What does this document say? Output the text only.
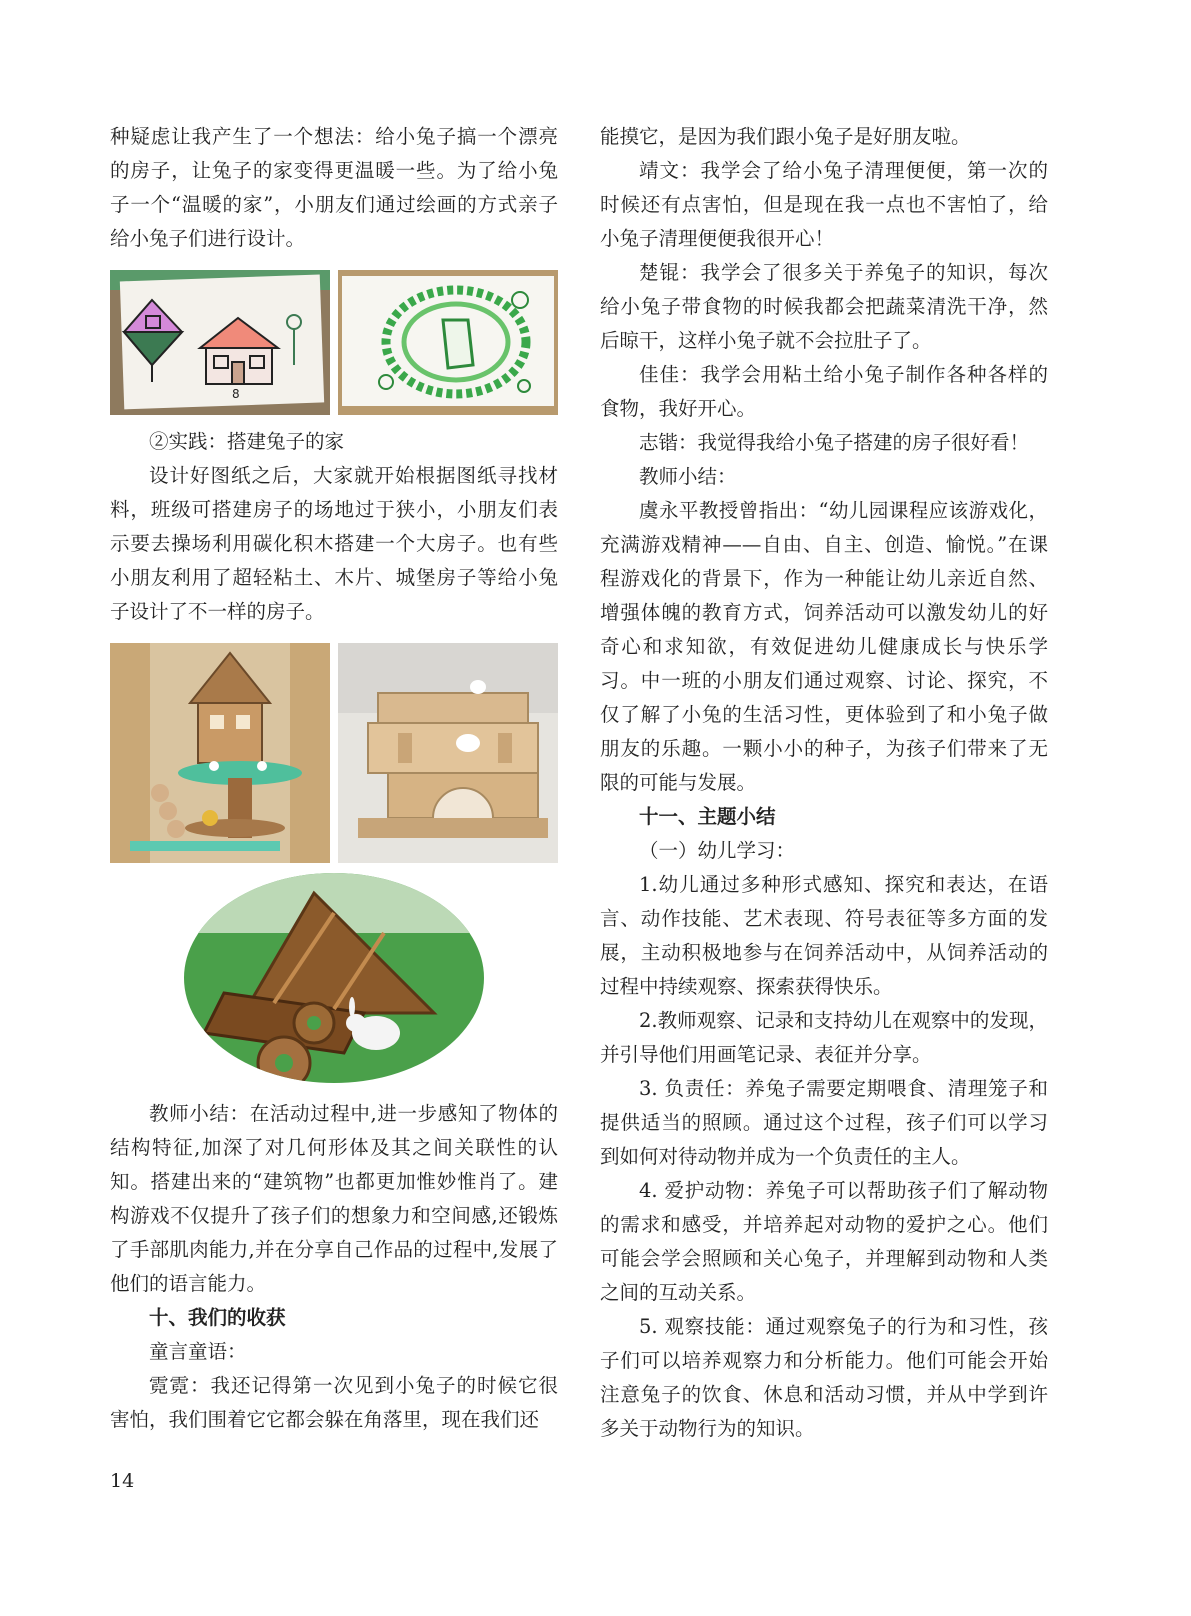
种疑虑让我产生了一个想法：给小兔子搞一个漂亮的房子，让兔子的家变得更温暖一些。为了给小兔子一个“温暖的家”，小朋友们通过绘画的方式亲子给小兔子们进行设计。

8

②实践：搭建兔子的家

设计好图纸之后，大家就开始根据图纸寻找材料，班级可搭建房子的场地过于狭小，小朋友们表示要去操场利用碳化积木搭建一个大房子。也有些小朋友利用了超轻粘土、木片、城堡房子等给小兔子设计了不一样的房子。

教师小结：在活动过程中,进一步感知了物体的结构特征,加深了对几何形体及其之间关联性的认知。搭建出来的“建筑物”也都更加惟妙惟肖了。建构游戏不仅提升了孩子们的想象力和空间感,还锻炼了手部肌肉能力,并在分享自己作品的过程中,发展了他们的语言能力。

十、我们的收获

童言童语：

霓霓：我还记得第一次见到小兔子的时候它很害怕，我们围着它它都会躲在角落里，现在我们还

能摸它，是因为我们跟小兔子是好朋友啦。

靖文：我学会了给小兔子清理便便，第一次的时候还有点害怕，但是现在我一点也不害怕了，给小兔子清理便便我很开心！

楚锟：我学会了很多关于养兔子的知识，每次给小兔子带食物的时候我都会把蔬菜清洗干净，然后晾干，这样小兔子就不会拉肚子了。

佳佳：我学会用粘土给小兔子制作各种各样的食物，我好开心。

志锴：我觉得我给小兔子搭建的房子很好看！

教师小结：

虞永平教授曾指出：“幼儿园课程应该游戏化，充满游戏精神——自由、自主、创造、愉悦。”在课程游戏化的背景下，作为一种能让幼儿亲近自然、增强体魄的教育方式，饲养活动可以激发幼儿的好奇心和求知欲，有效促进幼儿健康成长与快乐学习。中一班的小朋友们通过观察、讨论、探究，不仅了解了小兔的生活习性，更体验到了和小兔子做朋友的乐趣。一颗小小的种子，为孩子们带来了无限的可能与发展。

十一、主题小结

（一）幼儿学习：

1.幼儿通过多种形式感知、探究和表达，在语言、动作技能、艺术表现、符号表征等多方面的发展，主动积极地参与在饲养活动中，从饲养活动的过程中持续观察、探索获得快乐。

2.教师观察、记录和支持幼儿在观察中的发现，并引导他们用画笔记录、表征并分享。

3. 负责任：养兔子需要定期喂食、清理笼子和提供适当的照顾。通过这个过程，孩子们可以学习到如何对待动物并成为一个负责任的主人。

4. 爱护动物：养兔子可以帮助孩子们了解动物的需求和感受，并培养起对动物的爱护之心。他们可能会学会照顾和关心兔子，并理解到动物和人类之间的互动关系。

5. 观察技能：通过观察兔子的行为和习性，孩子们可以培养观察力和分析能力。他们可能会开始注意兔子的饮食、休息和活动习惯，并从中学到许多关于动物行为的知识。

14
